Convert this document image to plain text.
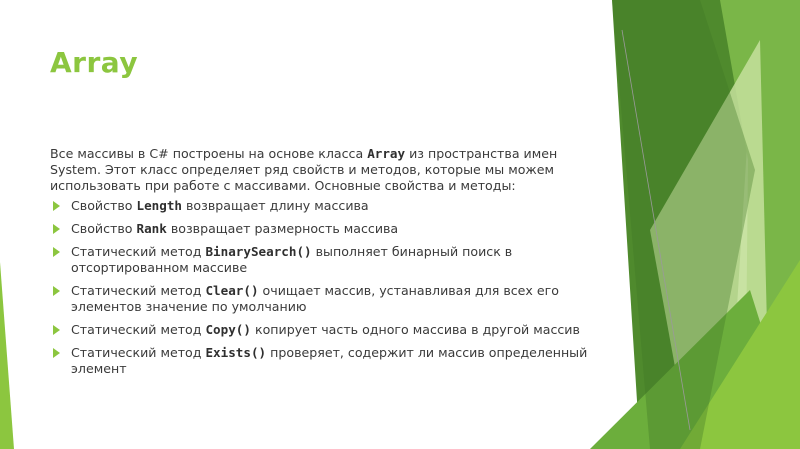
Array

Все массивы в C# построены на основе класса Array из пространства имен System. Этот класс определяет ряд свойств и методов, которые мы можем использовать при работе с массивами. Основные свойства и методы:

Свойство Length возвращает длину массива
Свойство Rank возвращает размерность массива
Статический метод BinarySearch() выполняет бинарный поиск в отсортированном массиве
Статический метод Clear() очищает массив, устанавливая для всех его элементов значение по умолчанию
Статический метод Copy() копирует часть одного массива в другой массив
Статический метод Exists() проверяет, содержит ли массив определенный элемент
